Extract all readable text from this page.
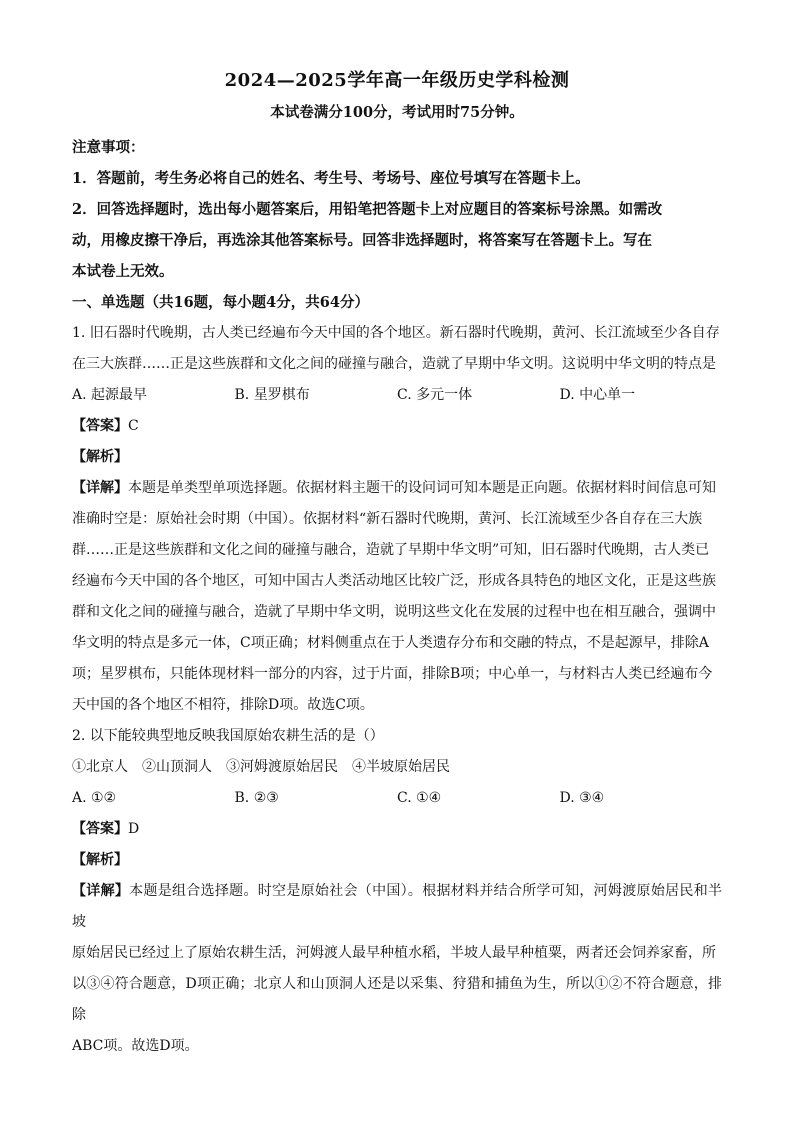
2024—2025学年高一年级历史学科检测
本试卷满分100分，考试用时75分钟。

注意事项：

1．答题前，考生务必将自己的姓名、考生号、考场号、座位号填写在答题卡上。

2．回答选择题时，选出每小题答案后，用铅笔把答题卡上对应题目的答案标号涂黑。如需改

动，用橡皮擦干净后，再选涂其他答案标号。回答非选择题时，将答案写在答题卡上。写在

本试卷上无效。

一、单选题（共16题，每小题4分，共64分）

1. 旧石器时代晚期，古人类已经遍布今天中国的各个地区。新石器时代晚期，黄河、长江流域至少各自存

在三大族群……正是这些族群和文化之间的碰撞与融合，造就了早期中华文明。这说明中华文明的特点是

A. 起源最早	B. 星罗棋布	C. 多元一体	D. 中心单一

【答案】C

【解析】

【详解】本题是单类型单项选择题。依据材料主题干的设问词可知本题是正向题。依据材料时间信息可知

准确时空是：原始社会时期（中国）。依据材料“新石器时代晚期，黄河、长江流域至少各自存在三大族

群……正是这些族群和文化之间的碰撞与融合，造就了早期中华文明”可知，旧石器时代晚期，古人类已

经遍布今天中国的各个地区，可知中国古人类活动地区比较广泛，形成各具特色的地区文化，正是这些族

群和文化之间的碰撞与融合，造就了早期中华文明，说明这些文化在发展的过程中也在相互融合，强调中

华文明的特点是多元一体，C项正确；材料侧重点在于人类遗存分布和交融的特点，不是起源早，排除A

项；星罗棋布，只能体现材料一部分的内容，过于片面，排除B项；中心单一，与材料古人类已经遍布今

天中国的各个地区不相符，排除D项。故选C项。

2. 以下能较典型地反映我国原始农耕生活的是（）

①北京人　②山顶洞人　③河姆渡原始居民　④半坡原始居民

A. ①②	B. ②③	C. ①④	D. ③④

【答案】D

【解析】

【详解】本题是组合选择题。时空是原始社会（中国）。根据材料并结合所学可知，河姆渡原始居民和半坡

原始居民已经过上了原始农耕生活，河姆渡人最早种植水稻，半坡人最早种植粟，两者还会饲养家畜，所

以③④符合题意，D项正确；北京人和山顶洞人还是以采集、狩猎和捕鱼为生，所以①②不符合题意，排除

ABC项。故选D项。
